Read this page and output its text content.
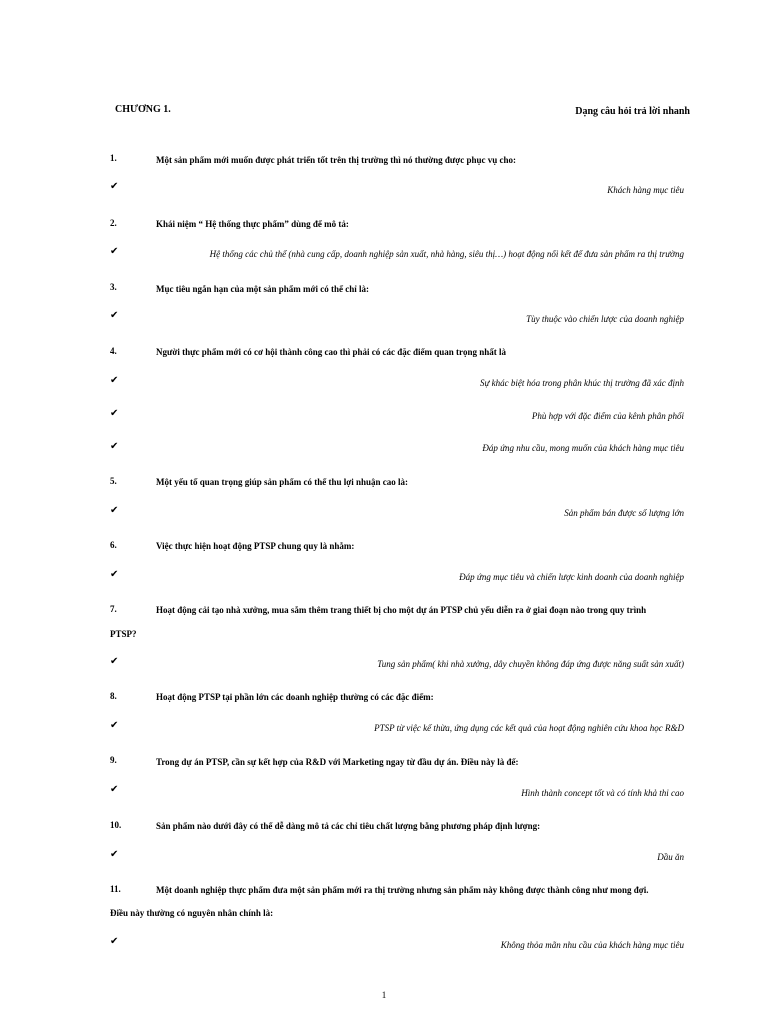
CHƯƠNG 1.	Dạng câu hỏi trả lời nhanh
1.	Một sản phẩm mới muốn được phát triển tốt trên thị trường thì nó thường được phục vụ cho:
✔	Khách hàng mục tiêu
2.	Khái niệm “ Hệ thống thực phẩm” dùng để mô tả:
✔	Hệ thống các chủ thể (nhà cung cấp, doanh nghiệp sản xuất, nhà hàng, siêu thị…) hoạt động nối kết để đưa sản phẩm ra thị trường
3.	Mục tiêu ngắn hạn của một sản phẩm mới có thể chỉ là:
✔	Tùy thuộc vào chiến lược của doanh nghiệp
4.	Người thực phẩm mới có cơ hội thành công cao thì phải có các đặc điểm quan trọng nhất là
✔	Sự khác biệt hóa trong phân khúc thị trường đã xác định
✔	Phù hợp với đặc điểm của kênh phân phối
✔	Đáp ứng nhu cầu, mong muốn của khách hàng mục tiêu
5.	Một yếu tố quan trọng giúp sản phẩm có thể thu lợi nhuận cao là:
✔	Sản phẩm bán được số lượng lớn
6.	Việc thực hiện hoạt động PTSP chung quy là nhằm:
✔	Đáp ứng mục tiêu và chiến lược kinh doanh của doanh nghiệp
7.	Hoạt động cải tạo nhà xưởng, mua sắm thêm trang thiết bị cho một dự án PTSP chủ yếu diễn ra ở giai đoạn nào trong quy trình
PTSP?
✔	Tung sản phẩm( khi nhà xưởng, dây chuyền không đáp ứng được năng suất sản xuất)
8.	Hoạt động PTSP tại phần lớn các doanh nghiệp thường có các đặc điểm:
✔	PTSP từ việc kế thừa, ứng dụng các kết quả của hoạt động nghiên cứu khoa học R&D
9.	Trong dự án PTSP, cần sự kết hợp của R&D với Marketing ngay từ đầu dự án. Điều này là để:
✔	Hình thành concept tốt và có tính khả thi cao
10.	Sản phẩm nào dưới đây có thể dễ dàng mô tả các chỉ tiêu chất lượng bằng phương pháp định lượng:
✔	Dầu ăn
11.	Một doanh nghiệp thực phẩm đưa một sản phẩm mới ra thị trường nhưng sản phẩm này không được thành công như mong đợi.
Điều này thường có nguyên nhân chính là:
✔	Không thỏa mãn nhu cầu của khách hàng mục tiêu
1
